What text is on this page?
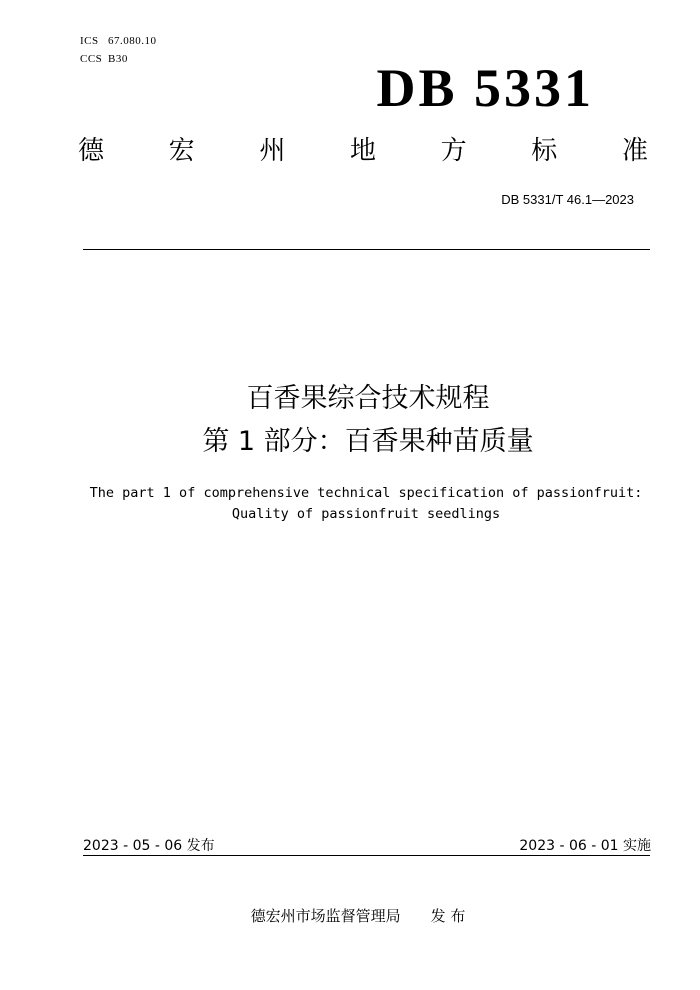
ICS 67.080.10
CCS B30	DB 5331
德 宏 州 地 方 标 准
DB 5331/T 46.1—2023
百香果综合技术规程
第 1 部分：百香果种苗质量
The part 1 of comprehensive technical specification of passionfruit:
Quality of passionfruit seedlings
2023 - 05 - 06 发布	2023 - 06 - 01 实施
德宏州市场监督管理局 发 布
